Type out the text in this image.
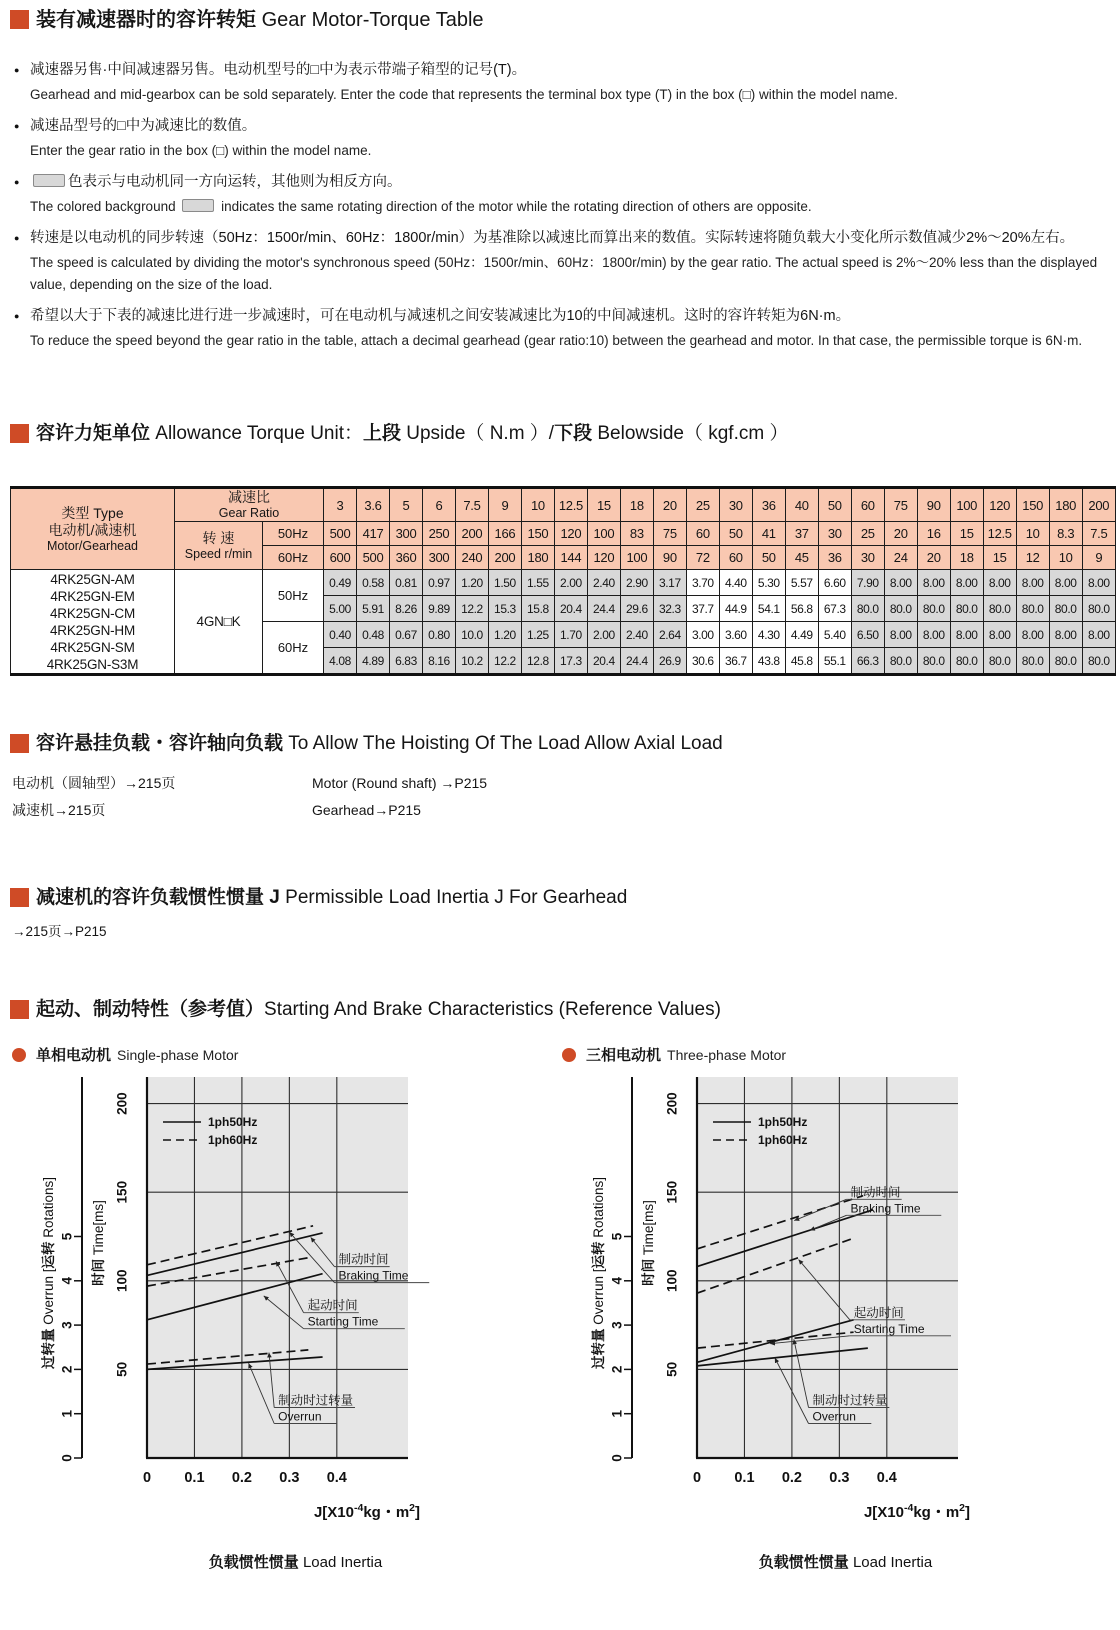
装有减速器时的容许转矩 Gear Motor-Torque Table
● 减速器另售·中间减速器另售。电动机型号的□中为表示带端子箱型的记号(T)。
Gearhead and mid-gearbox can be sold separately. Enter the code that represents the terminal box type (T) in the box (□) within the model name.
● 减速品型号的□中为减速比的数值。
Enter the gear ratio in the box (□) within the model name.
● 色表示与电动机同一方向运转，其他则为相反方向。
The colored background	indicates the same rotating direction of the motor while the rotating direction of others are opposite.
● 转速是以电动机的同步转速（50Hz：1500r/min、60Hz：1800r/min）为基准除以减速比而算出来的数值。实际转速将随负载大小变化所示数值减少2%～20%左右。
The speed is calculated by dividing the motor's synchronous speed (50Hz：1500r/min、60Hz：1800r/min) by the gear ratio. The actual speed is 2%～20% less than the displayed value, depending on the size of the load.
● 希望以大于下表的减速比进行进一步减速时，可在电动机与减速机之间安装减速比为10的中间减速机。这时的容许转矩为6N·m。
To reduce the speed beyond the gear ratio in the table, attach a decimal gearhead (gear ratio:10) between the gearhead and motor. In that case, the permissible torque is 6N·m.
容许力矩单位 Allowance Torque Unit：上段 Upside（ N.m ）/下段 Belowside（ kgf.cm ）
类型 Type
电动机/减速机
Motor/Gearhead

减速比
Gear Ratio
	3	3.6	5	6	7.5	9	10	12.5	15	18	20	25	30	36	40	50	60	75	90	100	120	150	180	200

	转 速
Speed r/min	50Hz	500	417	300	250	200	166	150	120	100	83	75	60	50	41	37	30	25	20	16	15	12.5	10	8.3	7.5
		60Hz	600	500	360	300	240	200	180	144	120	100	90	72	60	50	45	36	30	24	20	18	15	12	10	9

4RK25GN-AM
4RK25GN-EM
4RK25GN-CM
4RK25GN-HM
4RK25GN-SM
4RK25GN-S3M
	4GN□K	50Hz	0.49	0.58	0.81	0.97	1.20	1.50	1.55	2.00	2.40	2.90	3.17	3.70	4.40	5.30	5.57	6.60	7.90	8.00	8.00	8.00	8.00	8.00	8.00	8.00
			5.00	5.91	8.26	9.89	12.2	15.3	15.8	20.4	24.4	29.6	32.3	37.7	44.9	54.1	56.8	67.3	80.0	80.0	80.0	80.0	80.0	80.0	80.0	80.0
		60Hz	0.40	0.48	0.67	0.80	10.0	1.20	1.25	1.70	2.00	2.40	2.64	3.00	3.60	4.30	4.49	5.40	6.50	8.00	8.00	8.00	8.00	8.00	8.00	8.00
			4.08	4.89	6.83	8.16	10.2	12.2	12.8	17.3	20.4	24.4	26.9	30.6	36.7	43.8	45.8	55.1	66.3	80.0	80.0	80.0	80.0	80.0	80.0	80.0
容许悬挂负载・容许轴向负载 To Allow The Hoisting Of The Load Allow Axial Load
电动机（圆轴型）→215页	Motor (Round shaft) →P215
减速机→215页	Gearhead→P215
减速机的容许负载惯性惯量 J Permissible Load Inertia J For Gearhead
→215页→P215
起动、制动特性（参考值）Starting And Brake Characteristics (Reference Values)
单相电动机 Single-phase Motor
0
1
2
3
4
5
过转量 Overrun [运转 Rotations]
50
100
150
200
时间 Time[ms]
0 0.1 0.2 0.3 0.4
1ph50Hz
1ph60Hz
制动时间
Braking Time
起动时间
Starting Time
制动时过转量
Overrun
$J[X10^{-4}kg$・$m^2$]
负载惯性惯量 Load Inertia
三相电动机 Three-phase Motor
0
1
2
3
4
5
过转量 Overrun [运转 Rotations]
50
100
150
200
时间 Time[ms]
0 0.1 0.2 0.3 0.4
1ph50Hz
1ph60Hz
制动时间
Braking Time
起动时间
Starting Time
制动时过转量
Overrun
$J[X10^{-4}kg$・$m^2$]
负载惯性惯量 Load Inertia
